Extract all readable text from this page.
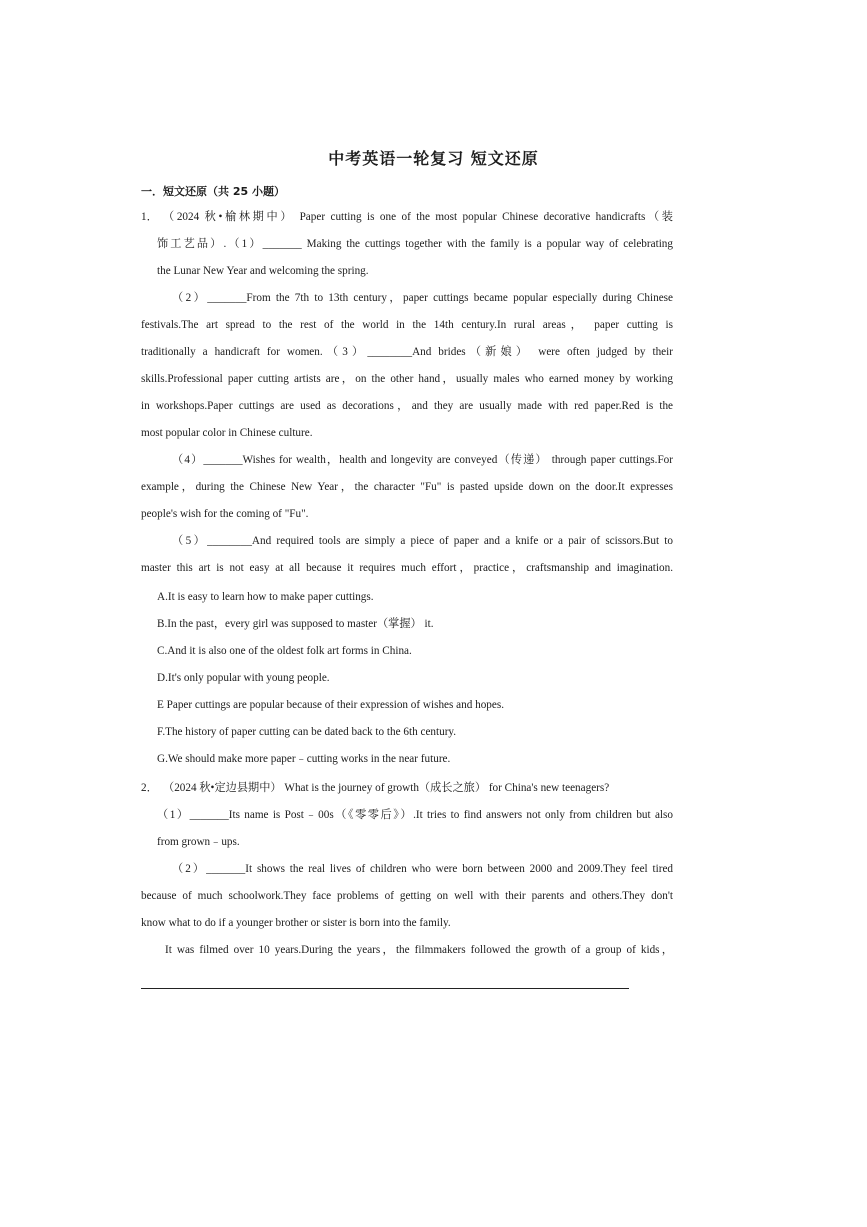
中考英语一轮复习 短文还原
一．短文还原（共 25 小题）
1． （2024 秋•榆林期中） Paper cutting is one of the most popular Chinese decorative handicrafts（装
饰工艺品）.（1）_______ Making the cuttings together with the family is a popular way of celebrating
the Lunar New Year and welcoming the spring.
（2）_______From the 7th to 13th century，paper cuttings became popular especially during Chinese
festivals.The art spread to the rest of the world in the 14th century.In rural areas， paper cutting is
traditionally a handicraft for women.（3）________And brides（新娘） were often judged by their
skills.Professional paper cutting artists are，on the other hand，usually males who earned money by working
in workshops.Paper cuttings are used as decorations，and they are usually made with red paper.Red is the
most popular color in Chinese culture.
（4）_______Wishes for wealth，health and longevity are conveyed（传递） through paper cuttings.For
example，during the Chinese New Year，the character "Fu" is pasted upside down on the door.It expresses
people's wish for the coming of "Fu".
（5）________And required tools are simply a piece of paper and a knife or a pair of scissors.But to
master this art is not easy at all because it requires much effort，practice，craftsmanship and imagination.
A.It is easy to learn how to make paper cuttings.
B.In the past，every girl was supposed to master（掌握） it.
C.And it is also one of the oldest folk art forms in China.
D.It's only popular with young people.
E Paper cuttings are popular because of their expression of wishes and hopes.
F.The history of paper cutting can be dated back to the 6th century.
G.We should make more paper﹣cutting works in the near future.
2． （2024 秋•定边县期中） What is the journey of growth（成长之旅） for China's new teenagers?
（1）_______Its name is Post﹣00s（《零零后》）.It tries to find answers not only from children but also
from grown﹣ups.
（2）_______It shows the real lives of children who were born between 2000 and 2009.They feel tired
because of much schoolwork.They face problems of getting on well with their parents and others.They don't
know what to do if a younger brother or sister is born into the family.
It was filmed over 10 years.During the years，the filmmakers followed the growth of a group of kids，
